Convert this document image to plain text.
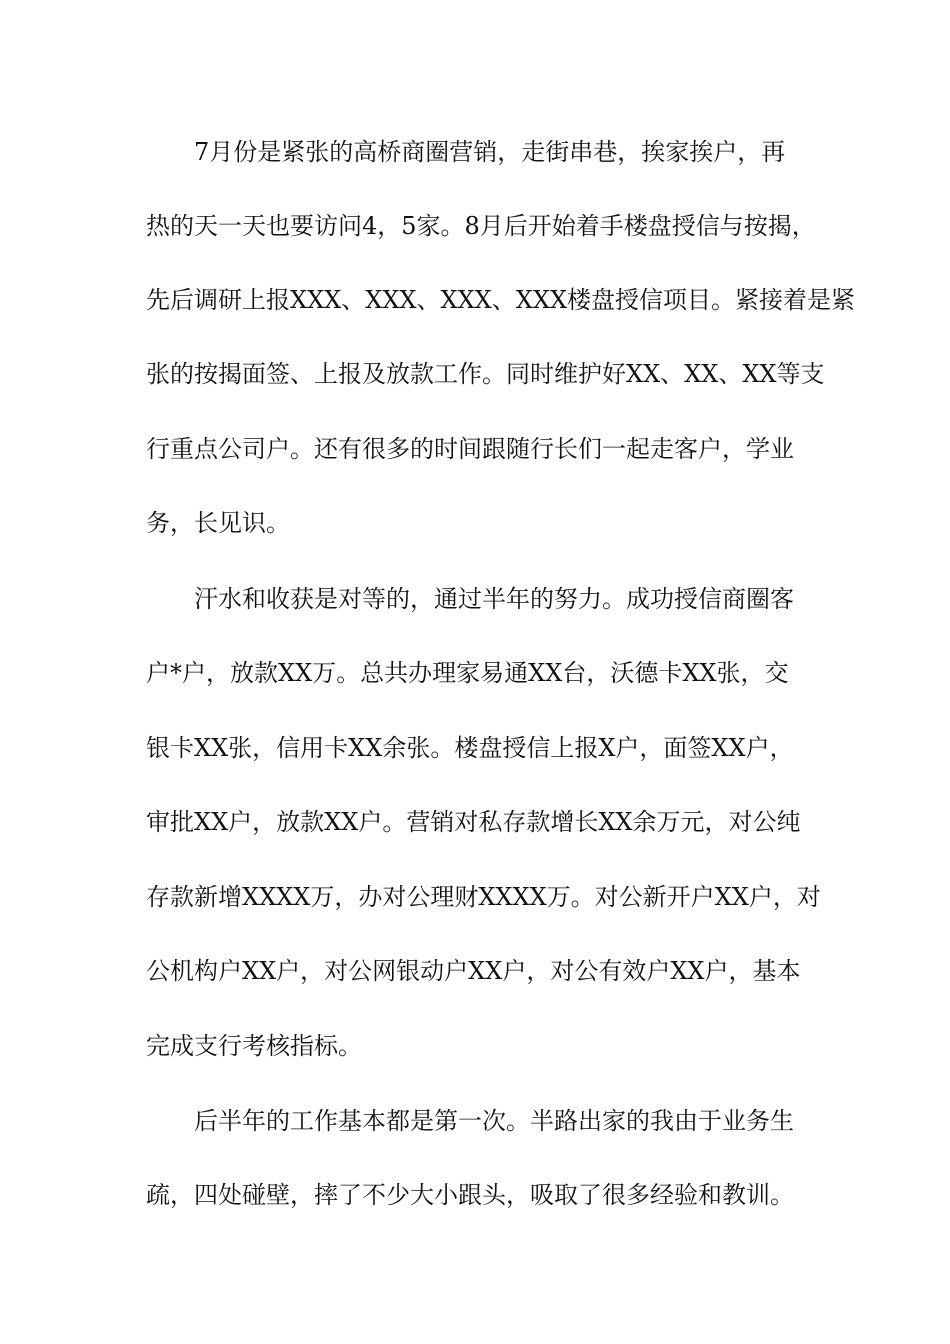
7月份是紧张的高桥商圈营销，走街串巷，挨家挨户，再

热的天一天也要访问4，5家。8月后开始着手楼盘授信与按揭，

先后调研上报XXX、XXX、XXX、XXX楼盘授信项目。紧接着是紧

张的按揭面签、上报及放款工作。同时维护好XX、XX、XX等支

行重点公司户。还有很多的时间跟随行长们一起走客户，学业

务，长见识。

汗水和收获是对等的，通过半年的努力。成功授信商圈客

户*户，放款XX万。总共办理家易通XX台，沃德卡XX张，交

银卡XX张，信用卡XX余张。楼盘授信上报X户，面签XX户，

审批XX户，放款XX户。营销对私存款增长XX余万元，对公纯

存款新增XXXX万，办对公理财XXXX万。对公新开户XX户，对

公机构户XX户，对公网银动户XX户，对公有效户XX户，基本

完成支行考核指标。

后半年的工作基本都是第一次。半路出家的我由于业务生

疏，四处碰壁，摔了不少大小跟头，吸取了很多经验和教训。
